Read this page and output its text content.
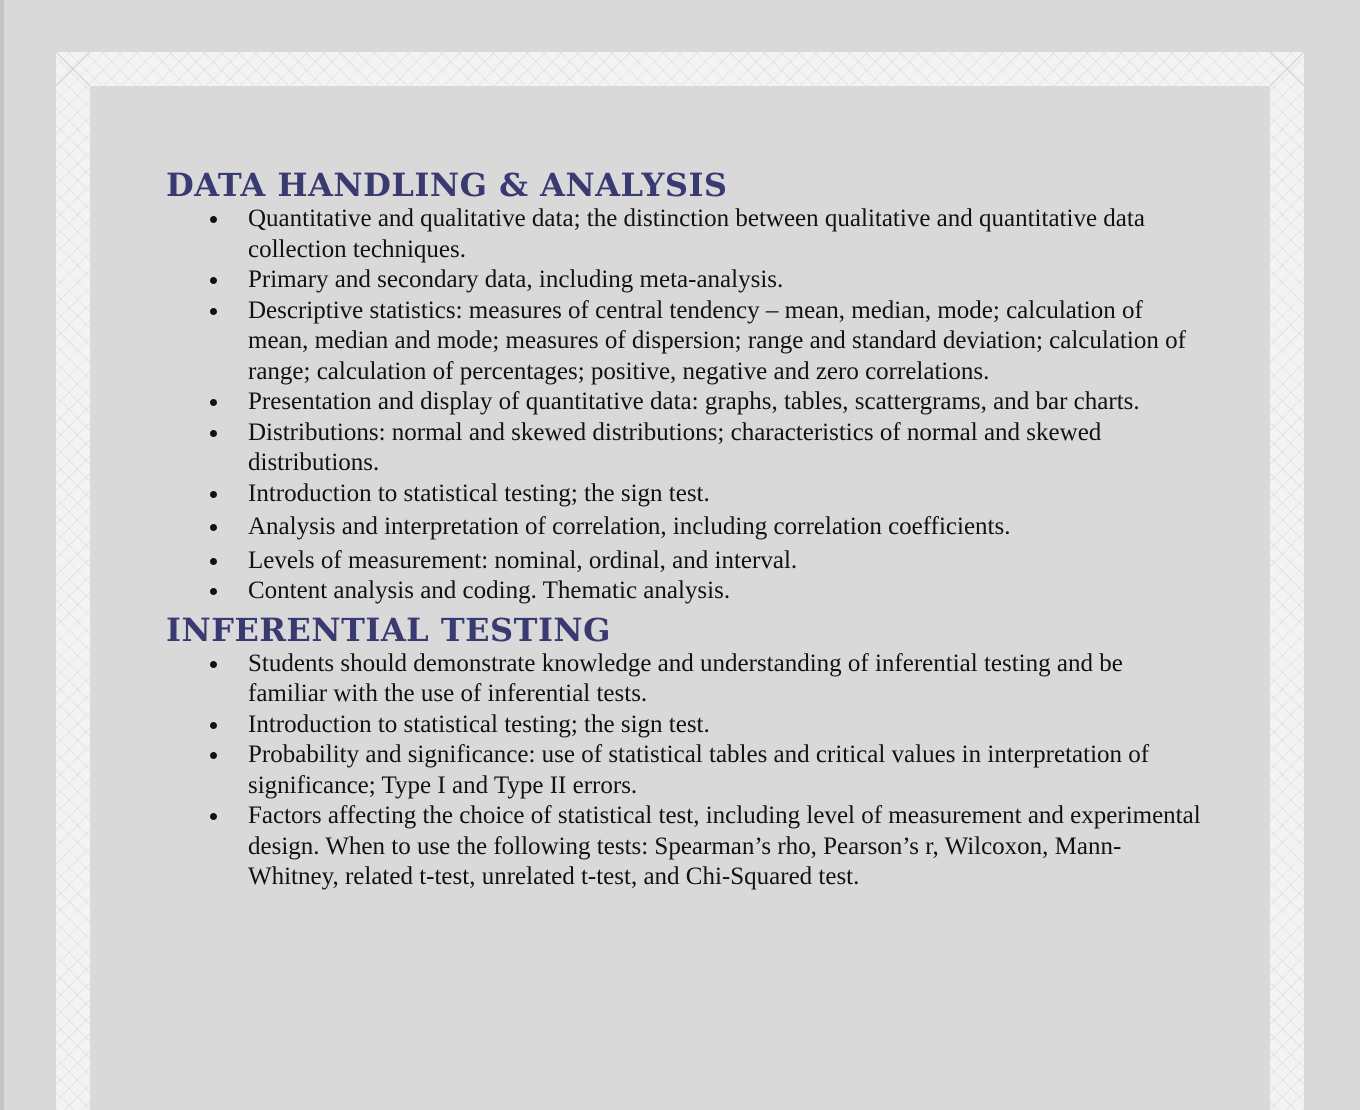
DATA HANDLING & ANALYSIS
Quantitative and qualitative data; the distinction between qualitative and quantitative data collection techniques.
Primary and secondary data, including meta-analysis.
Descriptive statistics: measures of central tendency – mean, median, mode; calculation of mean, median and mode; measures of dispersion; range and standard deviation; calculation of range; calculation of percentages; positive, negative and zero correlations.
Presentation and display of quantitative data: graphs, tables, scattergrams, and bar charts.
Distributions: normal and skewed distributions; characteristics of normal and skewed distributions.
Introduction to statistical testing; the sign test.
Analysis and interpretation of correlation, including correlation coefficients.
Levels of measurement: nominal, ordinal, and interval.
Content analysis and coding. Thematic analysis.
INFERENTIAL TESTING
Students should demonstrate knowledge and understanding of inferential testing and be familiar with the use of inferential tests.
Introduction to statistical testing; the sign test.
Probability and significance: use of statistical tables and critical values in interpretation of significance; Type I and Type II errors.
Factors affecting the choice of statistical test, including level of measurement and experimental design. When to use the following tests: Spearman’s rho, Pearson’s r, Wilcoxon, Mann-Whitney, related t-test, unrelated t-test, and Chi-Squared test.
